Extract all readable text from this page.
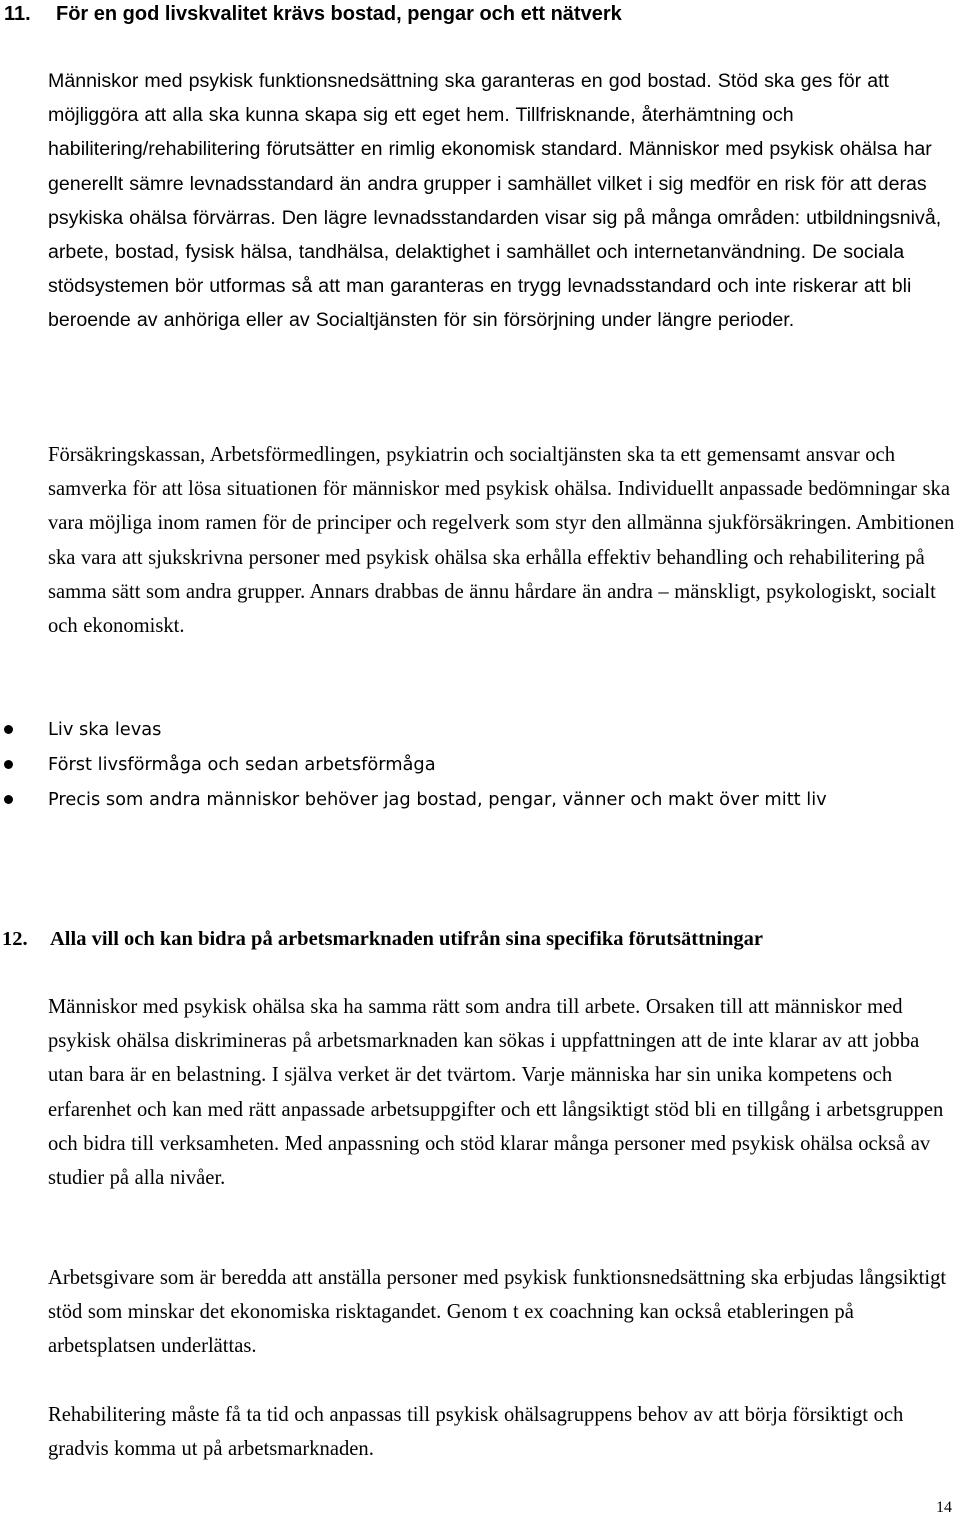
11. För en god livskvalitet krävs bostad, pengar och ett nätverk

Människor med psykisk funktionsnedsättning ska garanteras en god bostad. Stöd ska ges för att möjliggöra att alla ska kunna skapa sig ett eget hem. Tillfrisknande, återhämtning och habilitering/rehabilitering förutsätter en rimlig ekonomisk standard. Människor med psykisk ohälsa har generellt sämre levnadsstandard än andra grupper i samhället vilket i sig medför en risk för att deras psykiska ohälsa förvärras. Den lägre levnadsstandarden visar sig på många områden: utbildningsnivå, arbete, bostad, fysisk hälsa, tandhälsa, delaktighet i samhället och internetanvändning. De sociala stödsystemen bör utformas så att man garanteras en trygg levnadsstandard och inte riskerar att bli beroende av anhöriga eller av Socialtjänsten för sin försörjning under längre perioder.

Försäkringskassan, Arbetsförmedlingen, psykiatrin och socialtjänsten ska ta ett gemensamt ansvar och samverka för att lösa situationen för människor med psykisk ohälsa. Individuellt anpassade bedömningar ska vara möjliga inom ramen för de principer och regelverk som styr den allmänna sjukförsäkringen. Ambitionen ska vara att sjukskrivna personer med psykisk ohälsa ska erhålla effektiv behandling och rehabilitering på samma sätt som andra grupper. Annars drabbas de ännu hårdare än andra – mänskligt, psykologiskt, socialt och ekonomiskt.

Liv ska levas
Först livsförmåga och sedan arbetsförmåga
Precis som andra människor behöver jag bostad, pengar, vänner och makt över mitt liv
12. Alla vill och kan bidra på arbetsmarknaden utifrån sina specifika förutsättningar

Människor med psykisk ohälsa ska ha samma rätt som andra till arbete. Orsaken till att människor med psykisk ohälsa diskrimineras på arbetsmarknaden kan sökas i uppfattningen att de inte klarar av att jobba utan bara är en belastning. I själva verket är det tvärtom. Varje människa har sin unika kompetens och erfarenhet och kan med rätt anpassade arbetsuppgifter och ett långsiktigt stöd bli en tillgång i arbetsgruppen och bidra till verksamheten. Med anpassning och stöd klarar många personer med psykisk ohälsa också av studier på alla nivåer.

Arbetsgivare som är beredda att anställa personer med psykisk funktionsnedsättning ska erbjudas långsiktigt stöd som minskar det ekonomiska risktagandet. Genom t ex coachning kan också etableringen på arbetsplatsen underlättas.

Rehabilitering måste få ta tid och anpassas till psykisk ohälsagruppens behov av att börja försiktigt och gradvis komma ut på arbetsmarknaden.

14
